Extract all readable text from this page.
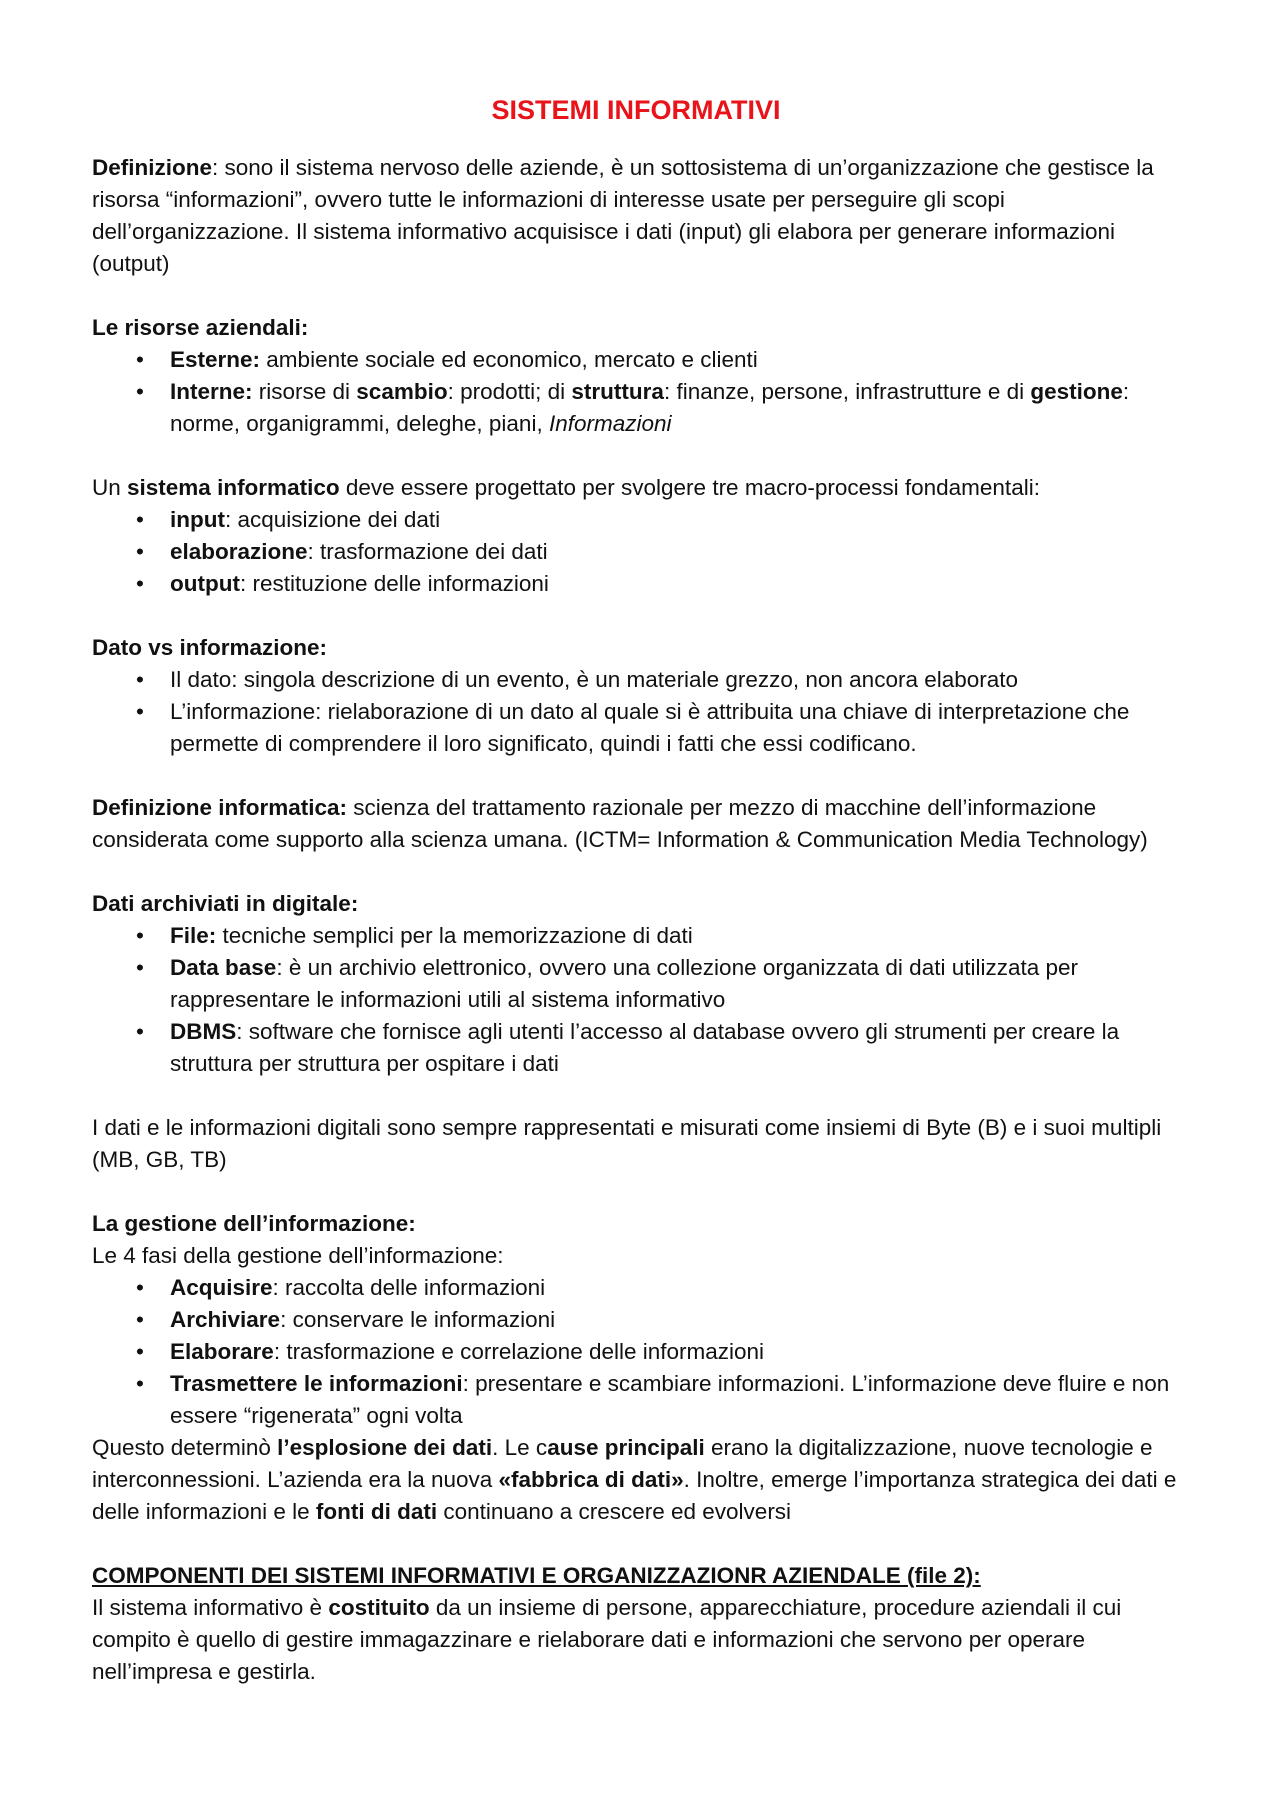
SISTEMI INFORMATIVI

Definizione: sono il sistema nervoso delle aziende, è un sottosistema di un’organizzazione che gestisce la risorsa “informazioni”, ovvero tutte le informazioni di interesse usate per perseguire gli scopi dell’organizzazione. Il sistema informativo acquisisce i dati (input) gli elabora per generare informazioni (output)

Le risorse aziendali:

• Esterne: ambiente sociale ed economico, mercato e clienti
• Interne: risorse di scambio: prodotti; di struttura: finanze, persone, infrastrutture e di gestione: norme, organigrammi, deleghe, piani, Informazioni

Un sistema informatico deve essere progettato per svolgere tre macro-processi fondamentali:

• input: acquisizione dei dati
• elaborazione: trasformazione dei dati
• output: restituzione delle informazioni

Dato vs informazione:

• Il dato: singola descrizione di un evento, è un materiale grezzo, non ancora elaborato
• L’informazione: rielaborazione di un dato al quale si è attribuita una chiave di interpretazione che permette di comprendere il loro significato, quindi i fatti che essi codificano.

Definizione informatica: scienza del trattamento razionale per mezzo di macchine dell’informazione considerata come supporto alla scienza umana. (ICTM= Information & Communication Media Technology)

Dati archiviati in digitale:

• File: tecniche semplici per la memorizzazione di dati
• Data base: è un archivio elettronico, ovvero una collezione organizzata di dati utilizzata per rappresentare le informazioni utili al sistema informativo
• DBMS: software che fornisce agli utenti l’accesso al database ovvero gli strumenti per creare la struttura per struttura per ospitare i dati

I dati e le informazioni digitali sono sempre rappresentati e misurati come insiemi di Byte (B) e i suoi multipli (MB, GB, TB)

La gestione dell’informazione:

Le 4 fasi della gestione dell’informazione:

• Acquisire: raccolta delle informazioni
• Archiviare: conservare le informazioni
• Elaborare: trasformazione e correlazione delle informazioni
• Trasmettere le informazioni: presentare e scambiare informazioni. L’informazione deve fluire e non essere “rigenerata” ogni volta

Questo determinò l’esplosione dei dati. Le cause principali erano la digitalizzazione, nuove tecnologie e interconnessioni. L’azienda era la nuova «fabbrica di dati». Inoltre, emerge l’importanza strategica dei dati e delle informazioni e le fonti di dati continuano a crescere ed evolversi

COMPONENTI DEI SISTEMI INFORMATIVI E ORGANIZZAZIONR AZIENDALE (file 2):

Il sistema informativo è costituito da un insieme di persone, apparecchiature, procedure aziendali il cui compito è quello di gestire immagazzinare e rielaborare dati e informazioni che servono per operare nell’impresa e gestirla.
